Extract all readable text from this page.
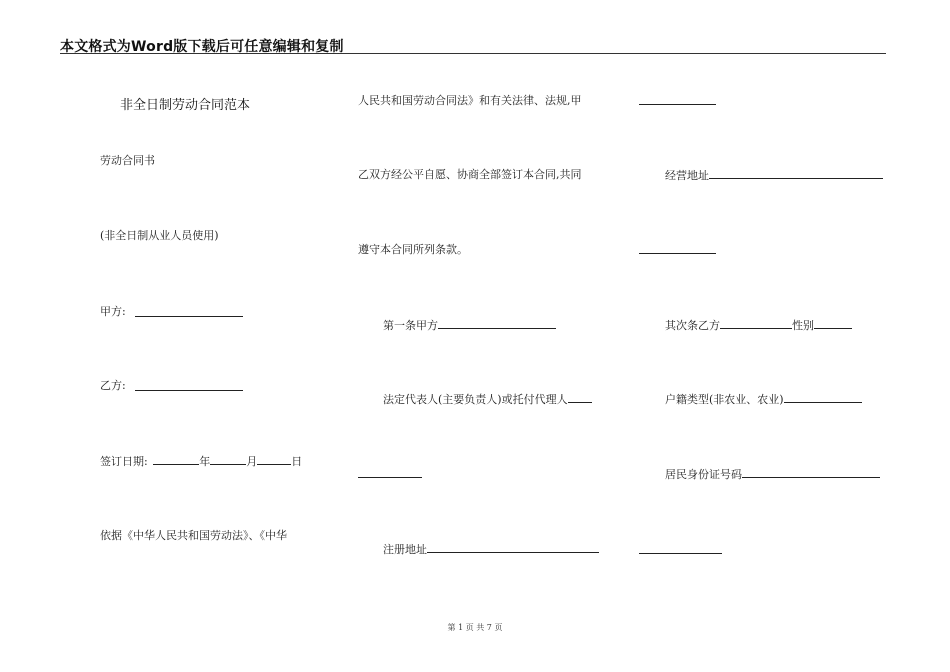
本文格式为Word版下载后可任意编辑和复制
非全日制劳动合同范本
劳动合同书
(非全日制从业人员使用)
甲方:
乙方:
签订日期:	年	月	日
依据《中华人民共和国劳动法》、《中华
人民共和国劳动合同法》和有关法律、法规,甲
乙双方经公平自愿、协商全部签订本合同,共同
遵守本合同所列条款。
第一条甲方
法定代表人(主要负责人)或托付代理人
注册地址
经营地址
其次条乙方	性别
户籍类型(非农业、农业)
居民身份证号码
第 1 页 共 7 页
